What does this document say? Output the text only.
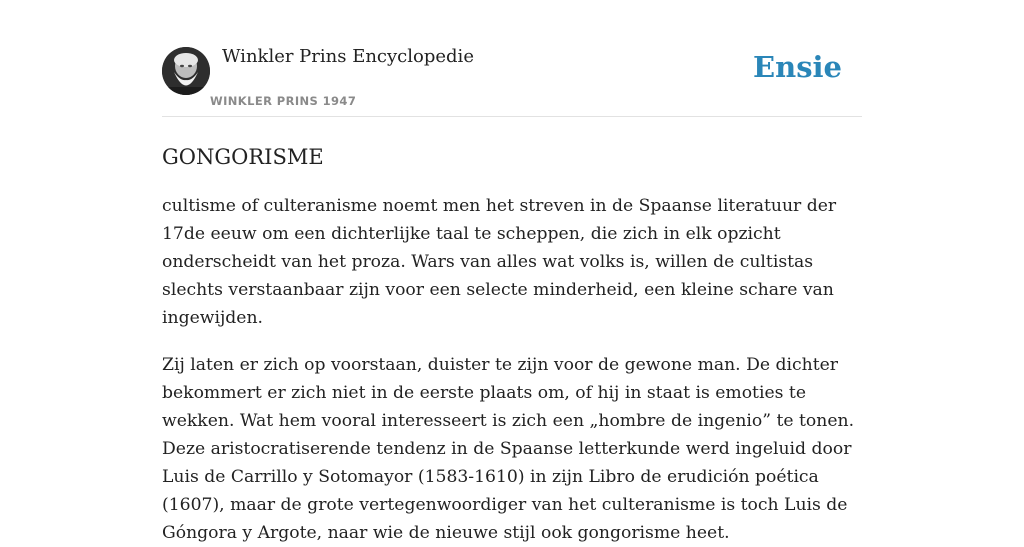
Winkler Prins Encyclopedie
WINKLER PRINS 1947
Ensie
GONGORISME

cultisme of culteranisme noemt men het streven in de Spaanse literatuur der 17de eeuw om een dichterlijke taal te scheppen, die zich in elk opzicht onderscheidt van het proza. Wars van alles wat volks is, willen de cultistas slechts verstaanbaar zijn voor een selecte minderheid, een kleine schare van ingewijden.

Zij laten er zich op voorstaan, duister te zijn voor de gewone man. De dichter bekommert er zich niet in de eerste plaats om, of hij in staat is emoties te wekken. Wat hem vooral interesseert is zich een „hombre de ingenio” te tonen. Deze aristocratiserende tendenz in de Spaanse letterkunde werd ingeluid door Luis de Carrillo y Sotomayor (1583-1610) in zijn Libro de erudición poética (1607), maar de grote vertegenwoordiger van het culteranisme is toch Luis de Góngora y Argote, naar wie de nieuwe stijl ook gongorisme heet.
